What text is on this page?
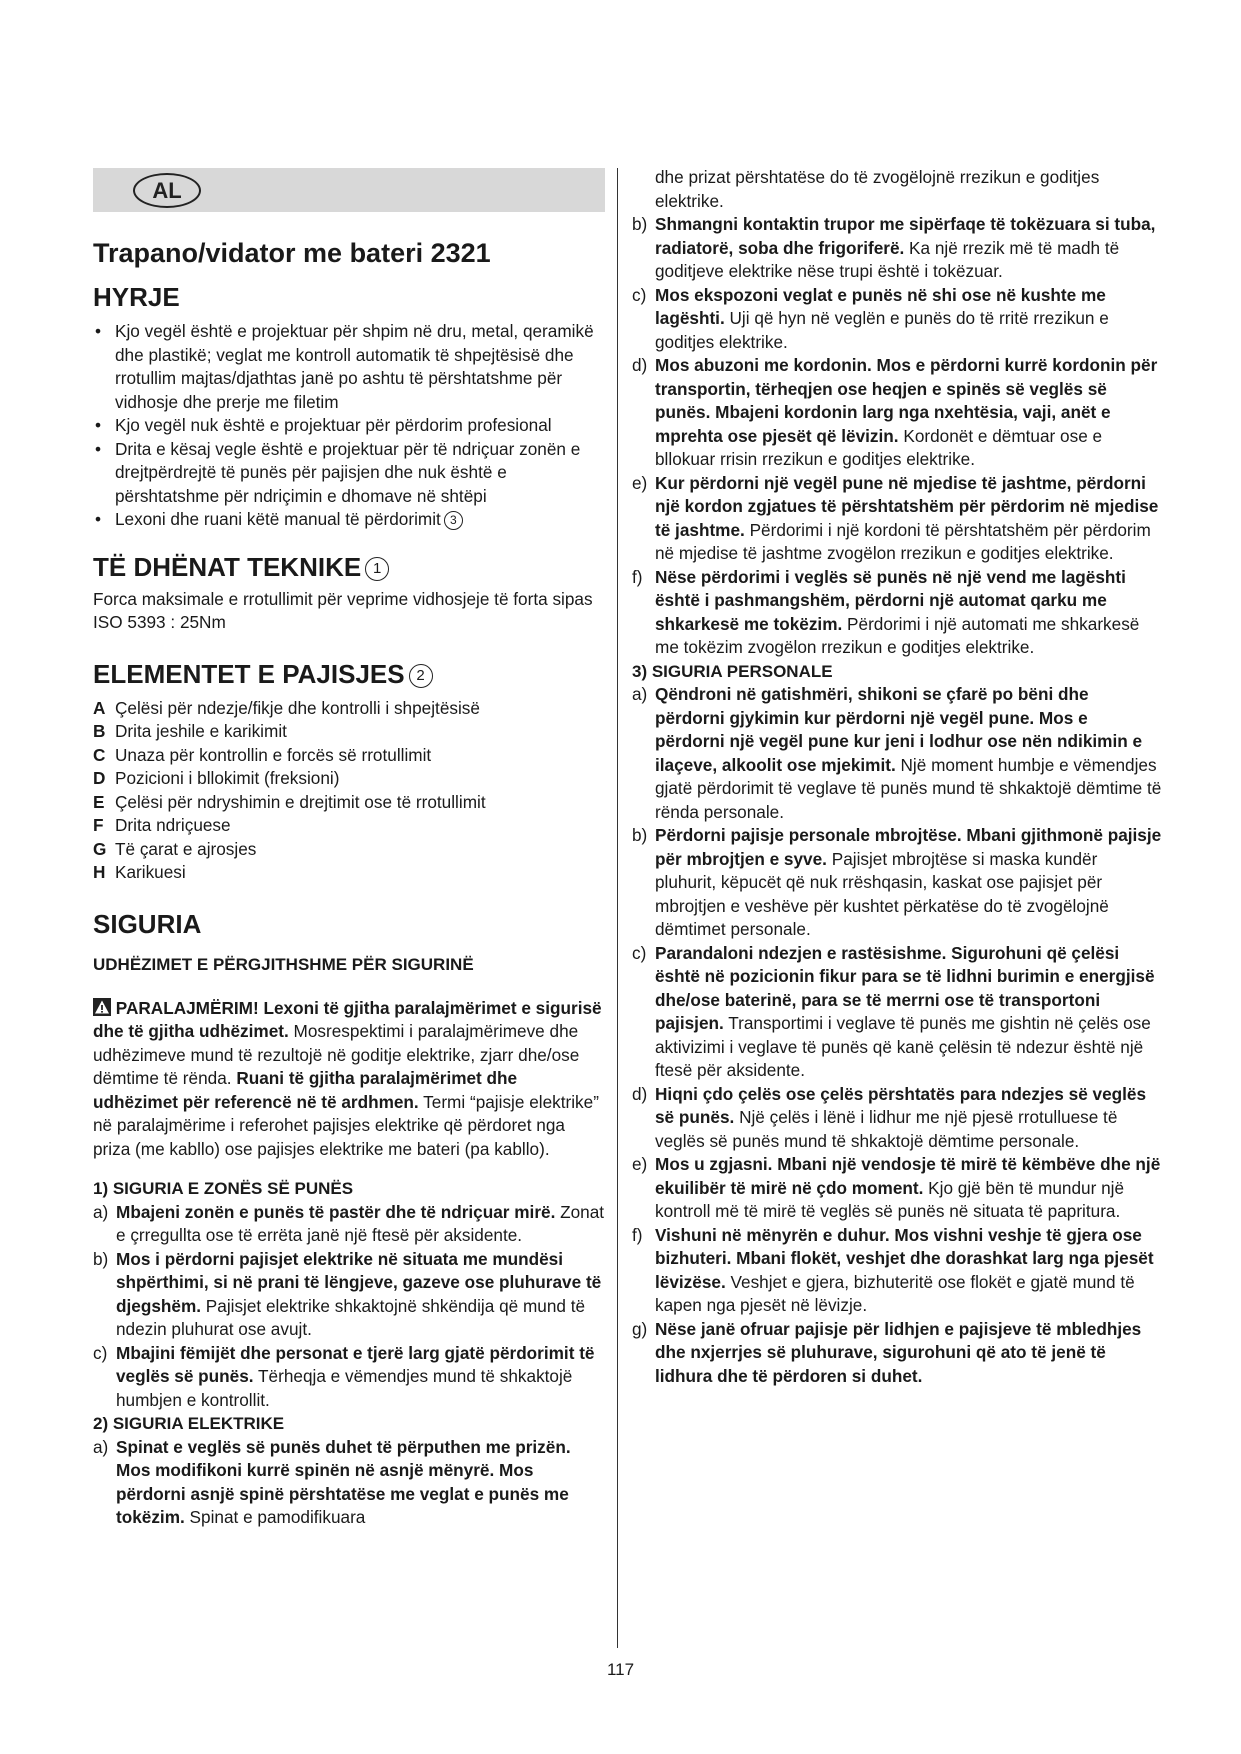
AL
Trapano/vidator me bateri 2321
HYRJE
• Kjo vegël është e projektuar për shpim në dru, metal, qeramikë dhe plastikë; veglat me kontroll automatik të shpejtësisë dhe rrotullim majtas/djathtas janë po ashtu të përshtatshme për vidhosje dhe prerje me filetim
• Kjo vegël nuk është e projektuar për përdorim profesional
• Drita e kësaj vegle është e projektuar për të ndriçuar zonën e drejtpërdrejtë të punës për pajisjen dhe nuk është e përshtatshme për ndriçimin e dhomave në shtëpi
• Lexoni dhe ruani këtë manual të përdorimit 3
TË DHËNAT TEKNIKE 1

Forca maksimale e rrotullimit për veprime vidhosjeje të forta sipas ISO 5393 : 25Nm

ELEMENTET E PAJISJES 2
A Çelësi për ndezje/fikje dhe kontrolli i shpejtësisë
B Drita jeshile e karikimit
C Unaza për kontrollin e forcës së rrotullimit
D Pozicioni i bllokimit (freksioni)
E Çelësi për ndryshimin e drejtimit ose të rrotullimit
F Drita ndriçuese
G Të çarat e ajrosjes
H Karikuesi
SIGURIA
UDHËZIMET E PËRGJITHSHME PËR SIGURINË

PARALAJMËRIM! Lexoni të gjitha paralajmërimet e sigurisë dhe të gjitha udhëzimet. Mosrespektimi i paralajmërimeve dhe udhëzimeve mund të rezultojë në goditje elektrike, zjarr dhe/ose dëmtime të rënda. Ruani të gjitha paralajmërimet dhe udhëzimet për referencë në të ardhmen. Termi “pajisje elektrike” në paralajmërime i referohet pajisjes elektrike që përdoret nga priza (me kabllo) ose pajisjes elektrike me bateri (pa kabllo).

1) SIGURIA E ZONËS SË PUNËS
a) Mbajeni zonën e punës të pastër dhe të ndriçuar mirë. Zonat e çrregullta ose të errëta janë një ftesë për aksidente.
b) Mos i përdorni pajisjet elektrike në situata me mundësi shpërthimi, si në prani të lëngjeve, gazeve ose pluhurave të djegshëm. Pajisjet elektrike shkaktojnë shkëndija që mund të ndezin pluhurat ose avujt.
c) Mbajini fëmijët dhe personat e tjerë larg gjatë përdorimit të veglës së punës. Tërheqja e vëmendjes mund të shkaktojë humbjen e kontrollit.
2) SIGURIA ELEKTRIKE
a) Spinat e veglës së punës duhet të përputhen me prizën. Mos modifikoni kurrë spinën në asnjë mënyrë. Mos përdorni asnjë spinë përshtatëse me veglat e punës me tokëzim. Spinat e pamodifikuara

dhe prizat përshtatëse do të zvogëlojnë rrezikun e goditjes elektrike.

b) Shmangni kontaktin trupor me sipërfaqe të tokëzuara si tuba, radiatorë, soba dhe frigoriferë. Ka një rrezik më të madh të goditjeve elektrike nëse trupi është i tokëzuar.
c) Mos ekspozoni veglat e punës në shi ose në kushte me lagështi. Uji që hyn në veglën e punës do të rritë rrezikun e goditjes elektrike.
d) Mos abuzoni me kordonin. Mos e përdorni kurrë kordonin për transportin, tërheqjen ose heqjen e spinës së veglës së punës. Mbajeni kordonin larg nga nxehtësia, vaji, anët e mprehta ose pjesët që lëvizin. Kordonët e dëmtuar ose e bllokuar rrisin rrezikun e goditjes elektrike.
e) Kur përdorni një vegël pune në mjedise të jashtme, përdorni një kordon zgjatues të përshtatshëm për përdorim në mjedise të jashtme. Përdorimi i një kordoni të përshtatshëm për përdorim në mjedise të jashtme zvogëlon rrezikun e goditjes elektrike.
f) Nëse përdorimi i veglës së punës në një vend me lagështi është i pashmangshëm, përdorni një automat qarku me shkarkesë me tokëzim. Përdorimi i një automati me shkarkesë me tokëzim zvogëlon rrezikun e goditjes elektrike.
3) SIGURIA PERSONALE
a) Qëndroni në gatishmëri, shikoni se çfarë po bëni dhe përdorni gjykimin kur përdorni një vegël pune. Mos e përdorni një vegël pune kur jeni i lodhur ose nën ndikimin e ilaçeve, alkoolit ose mjekimit. Një moment humbje e vëmendjes gjatë përdorimit të veglave të punës mund të shkaktojë dëmtime të rënda personale.
b) Përdorni pajisje personale mbrojtëse. Mbani gjithmonë pajisje për mbrojtjen e syve. Pajisjet mbrojtëse si maska kundër pluhurit, këpucët që nuk rrëshqasin, kaskat ose pajisjet për mbrojtjen e veshëve për kushtet përkatëse do të zvogëlojnë dëmtimet personale.
c) Parandaloni ndezjen e rastësishme. Sigurohuni që çelësi është në pozicionin fikur para se të lidhni burimin e energjisë dhe/ose baterinë, para se të merrni ose të transportoni pajisjen. Transportimi i veglave të punës me gishtin në çelës ose aktivizimi i veglave të punës që kanë çelësin të ndezur është një ftesë për aksidente.
d) Hiqni çdo çelës ose çelës përshtatës para ndezjes së veglës së punës. Një çelës i lënë i lidhur me një pjesë rrotulluese të veglës së punës mund të shkaktojë dëmtime personale.
e) Mos u zgjasni. Mbani një vendosje të mirë të këmbëve dhe një ekuilibër të mirë në çdo moment. Kjo gjë bën të mundur një kontroll më të mirë të veglës së punës në situata të papritura.
f) Vishuni në mënyrën e duhur. Mos vishni veshje të gjera ose bizhuteri. Mbani flokët, veshjet dhe dorashkat larg nga pjesët lëvizëse. Veshjet e gjera, bizhuteritë ose flokët e gjatë mund të kapen nga pjesët në lëvizje.
g) Nëse janë ofruar pajisje për lidhjen e pajisjeve të mbledhjes dhe nxjerrjes së pluhurave, sigurohuni që ato të jenë të lidhura dhe të përdoren si duhet.
117
